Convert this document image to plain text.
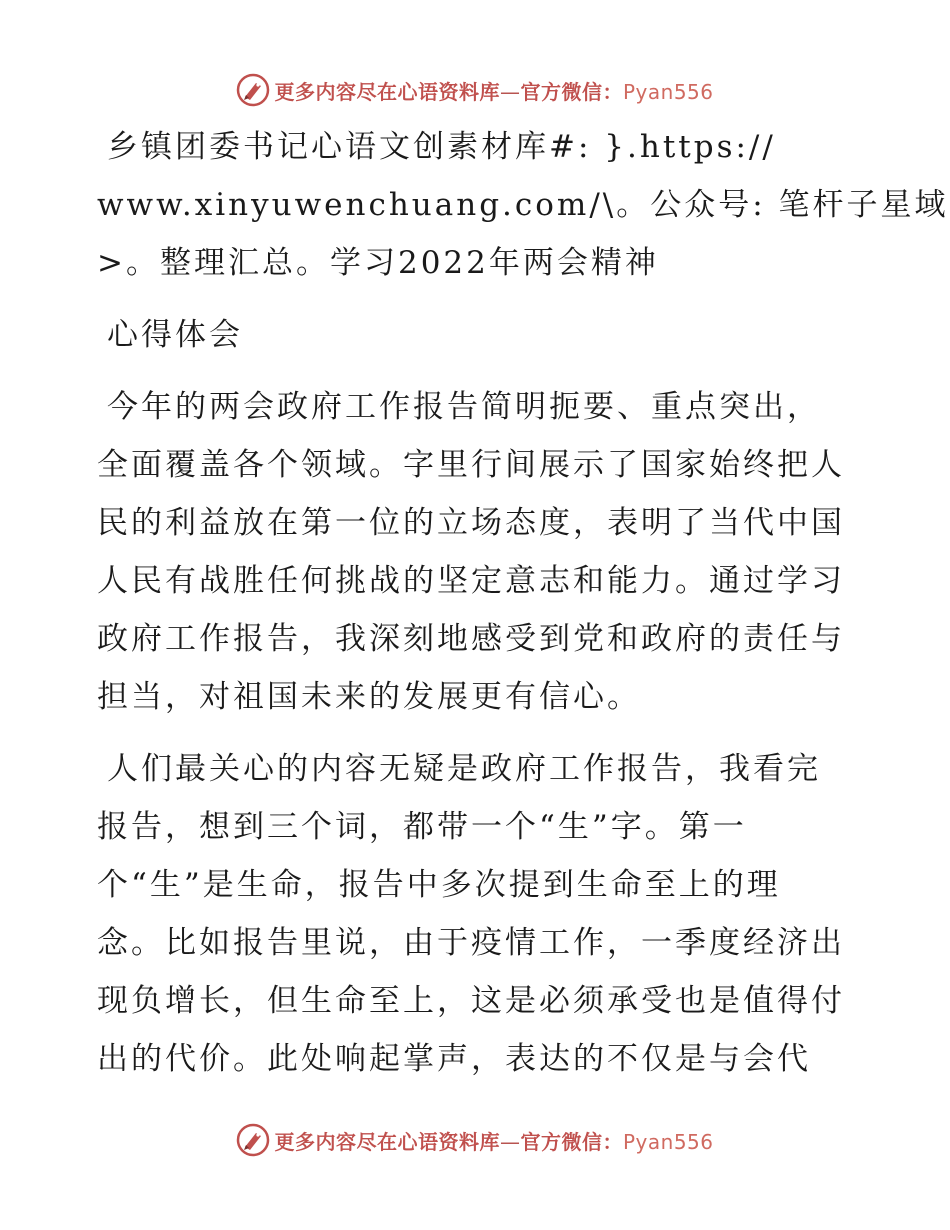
更多内容尽在心语资料库—官方微信：Pyan556
乡镇团委书记心语文创素材库#: }.https://
www.xinyuwenchuang.com/\。公众号: 笔杆子星域
>。整理汇总。学习2022年两会精神
心得体会
今年的两会政府工作报告简明扼要、重点突出，
全面覆盖各个领域。字里行间展示了国家始终把人
民的利益放在第一位的立场态度，表明了当代中国
人民有战胜任何挑战的坚定意志和能力。通过学习
政府工作报告，我深刻地感受到党和政府的责任与
担当，对祖国未来的发展更有信心。
人们最关心的内容无疑是政府工作报告，我看完
报告，想到三个词，都带一个“生”字。第一
个“生”是生命，报告中多次提到生命至上的理
念。比如报告里说，由于疫情工作，一季度经济出
现负增长，但生命至上，这是必须承受也是值得付
出的代价。此处响起掌声，表达的不仅是与会代
更多内容尽在心语资料库—官方微信：Pyan556
